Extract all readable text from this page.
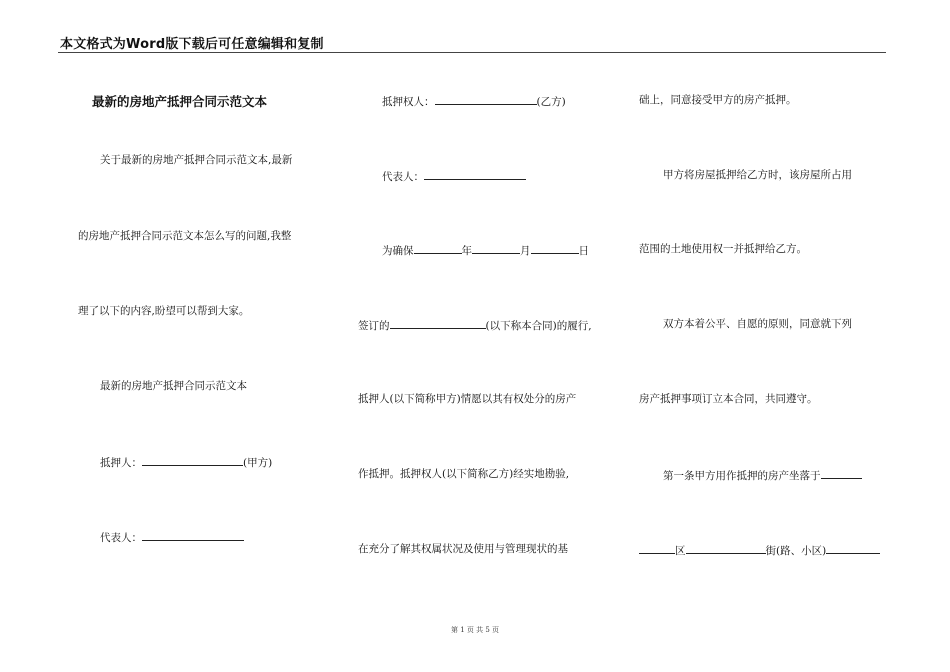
本文格式为Word版下载后可任意编辑和复制
最新的房地产抵押合同示范文本
关于最新的房地产抵押合同示范文本,最新
的房地产抵押合同示范文本怎么写的问题,我整
理了以下的内容,盼望可以帮到大家。
最新的房地产抵押合同示范文本
抵押人：	(甲方)
代表人：
抵押权人：	(乙方)
代表人：
为确保	年	月	日
签订的	(以下称本合同)的履行,
抵押人(以下简称甲方)情愿以其有权处分的房产
作抵押。抵押权人(以下简称乙方)经实地勘验,
在充分了解其权属状况及使用与管理现状的基
础上，同意接受甲方的房产抵押。
甲方将房屋抵押给乙方时，该房屋所占用
范围的土地使用权一并抵押给乙方。
双方本着公平、自愿的原则，同意就下列
房产抵押事项订立本合同，共同遵守。
第一条甲方用作抵押的房产坐落于
区	街(路、小区)
第 1 页 共 5 页
